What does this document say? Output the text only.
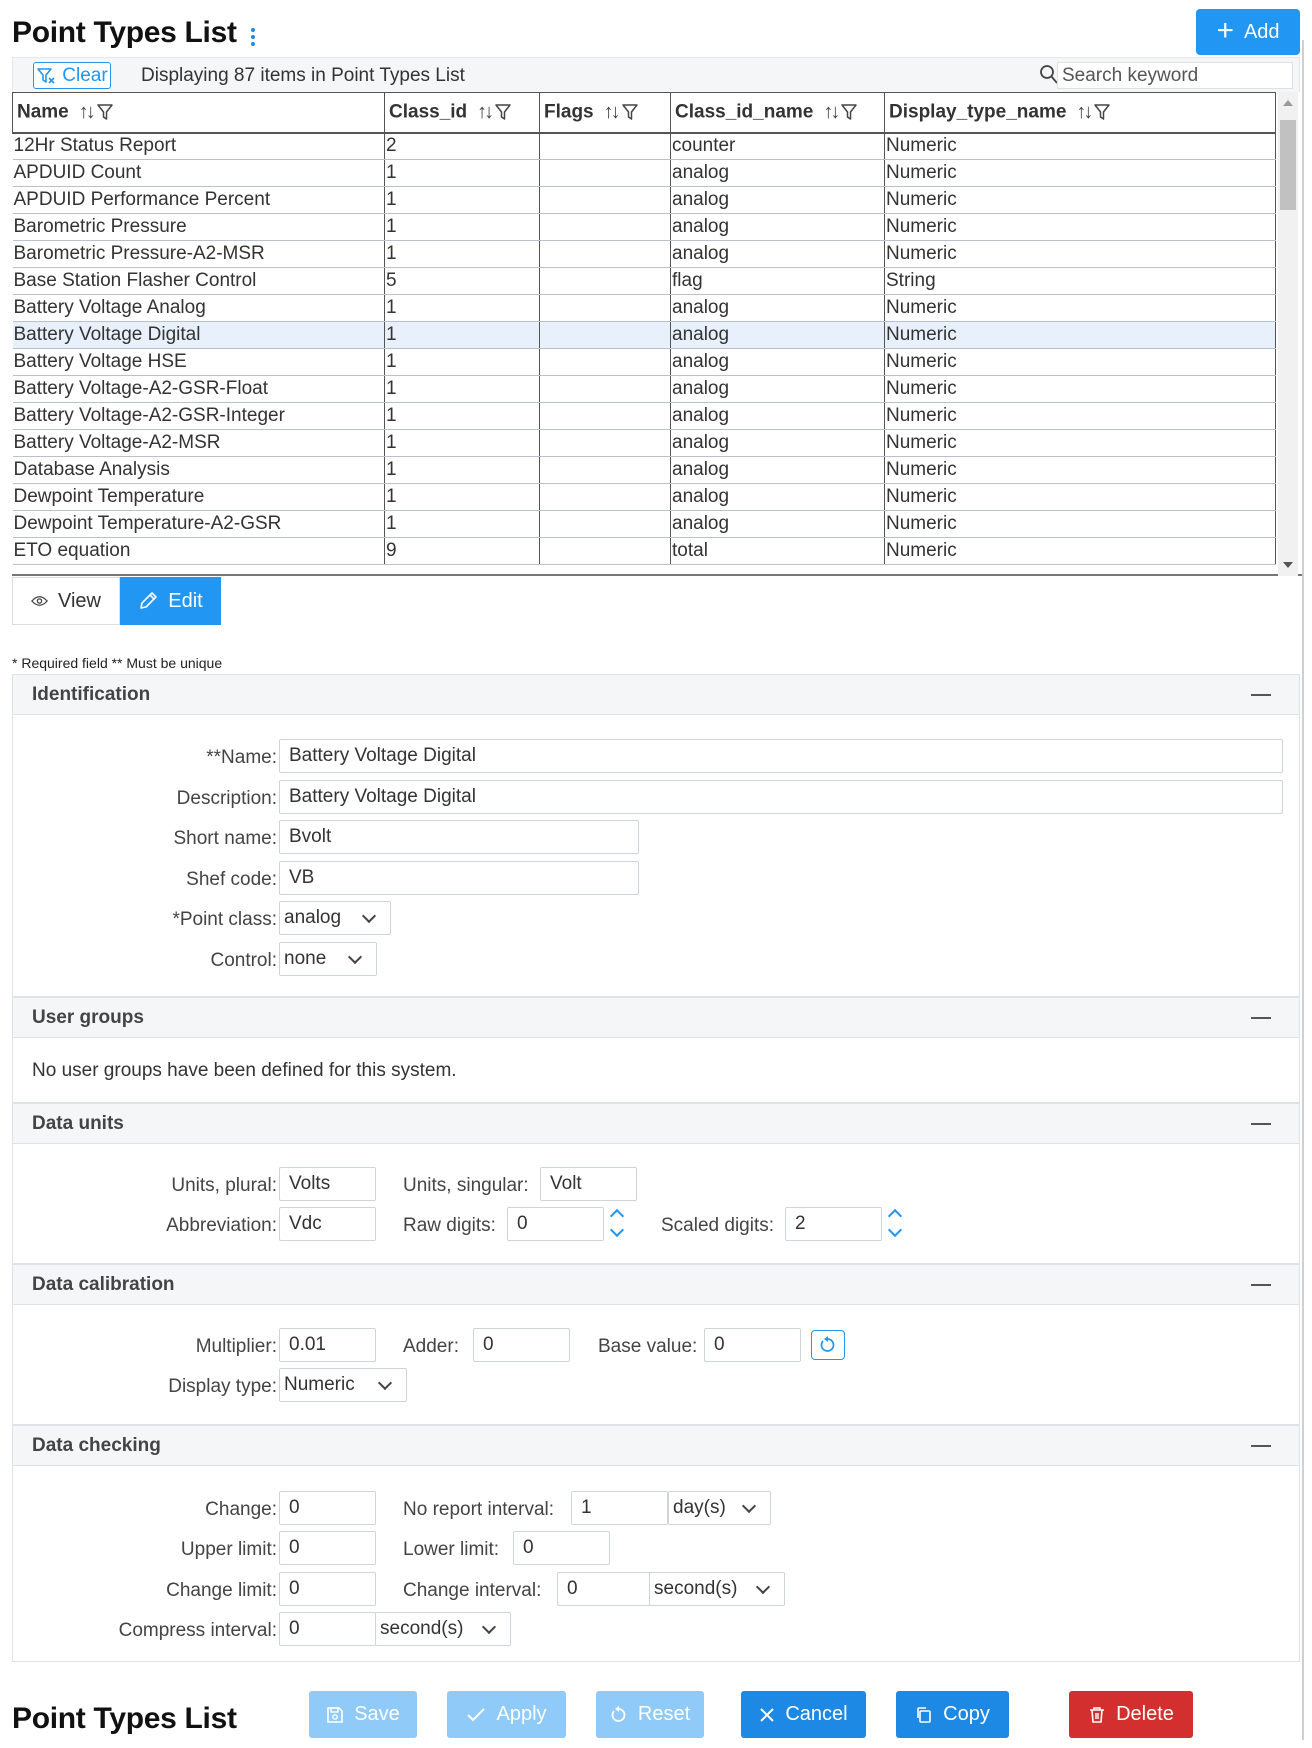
Point Types List	+ Add
Clear Displaying 87 items in Point Types List
Search keyword
Name ↑↓	Class_id ↑↓	Flags ↑↓	Class_id_name ↑↓	Display_type_name ↑↓

12Hr Status Report	2		counter	Numeric
APDUID Count	1		analog	Numeric
APDUID Performance Percent	1		analog	Numeric
Barometric Pressure	1		analog	Numeric
Barometric Pressure-A2-MSR	1		analog	Numeric
Base Station Flasher Control	5		flag	String
Battery Voltage Analog	1		analog	Numeric
Battery Voltage Digital	1		analog	Numeric
Battery Voltage HSE	1		analog	Numeric
Battery Voltage-A2-GSR-Float	1		analog	Numeric
Battery Voltage-A2-GSR-Integer	1		analog	Numeric
Battery Voltage-A2-MSR	1		analog	Numeric
Database Analysis	1		analog	Numeric
Dewpoint Temperature	1		analog	Numeric
Dewpoint Temperature-A2-GSR	1		analog	Numeric
ETO equation	9		total	Numeric
View	Edit
* Required field ** Must be unique
Identification
**Name: Battery Voltage Digital
Description: Battery Voltage Digital
Short name: Bvolt
Shef code: VB
*Point class: analog
Control: none
User groups
No user groups have been defined for this system.
Data units
Units, plural: Volts	Units, singular:	Volt
Abbreviation: Vdc	Raw digits:	0	Scaled digits:	2
Data calibration
Multiplier: 0.01	Adder:	0	Base value: 0
Display type: Numeric
Data checking
Change: 0	No report interval:	1	day(s)
Upper limit: 0	Lower limit:	0
Change limit: 0	Change interval:	0	second(s)
Compress interval: 0	second(s)
Point Types List	Save	Apply	Reset	Cancel	Copy	Delete
